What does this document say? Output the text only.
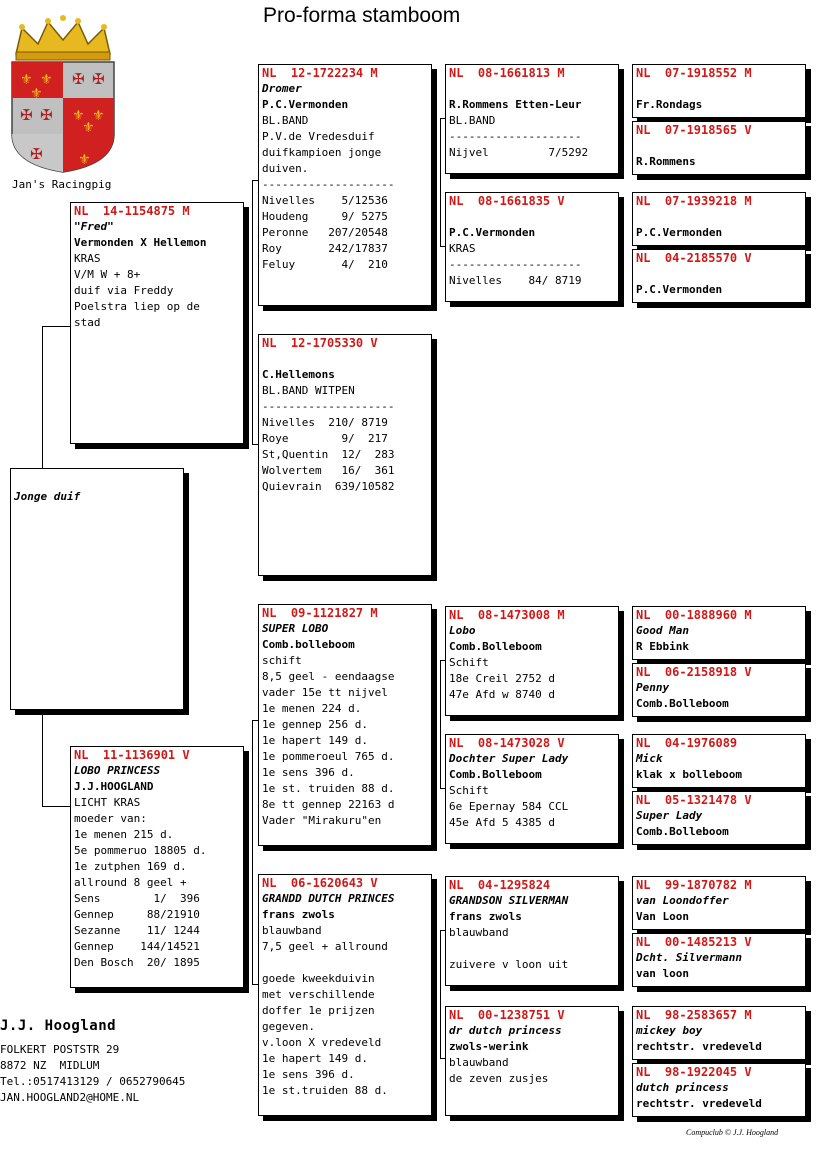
Pro-forma stamboom
⚜ ⚜
⚜
⚜ ⚜
⚜
⚜
✠ ✠
✠ ✠
✠
Jan's Racingpig
Jonge duif
NL  14-1154875 M
"Fred"
Vermonden X Hellemon
KRAS
V/M W + 8+
duif via Freddy
Poelstra liep op de
stad
NL  11-1136901 V
LOBO PRINCESS
J.J.HOOGLAND
LICHT KRAS
moeder van:
1e menen 215 d.
5e pommeruo 18805 d.
1e zutphen 169 d.
allround 8 geel +
Sens        1/  396
Gennep     88/21910
Sezanne    11/ 1244
Gennep    144/14521
Den Bosch  20/ 1895
NL  12-1722234 M
Dromer
P.C.Vermonden
BL.BAND
P.V.de Vredesduif
duifkampioen jonge
duiven.
--------------------
Nivelles    5/12536
Houdeng     9/ 5275
Peronne   207/20548
Roy       242/17837
Feluy       4/  210
NL  12-1705330 V
C.Hellemons
BL.BAND WITPEN
--------------------
Nivelles  210/ 8719
Roye        9/  217
St,Quentin  12/  283
Wolvertem   16/  361
Quievrain  639/10582
NL  09-1121827 M
SUPER LOBO
Comb.bolleboom
schift
8,5 geel - eendaagse
vader 15e tt nijvel
1e menen 224 d.
1e gennep 256 d.
1e hapert 149 d.
1e pommeroeul 765 d.
1e sens 396 d.
1e st. truiden 88 d.
8e tt gennep 22163 d
Vader "Mirakuru"en
NL  06-1620643 V
GRANDD DUTCH PRINCES
frans zwols
blauwband
7,5 geel + allround
goede kweekduivin
met verschillende
doffer 1e prijzen
gegeven.
v.loon X vredeveld
1e hapert 149 d.
1e sens 396 d.
1e st.truiden 88 d.
NL  08-1661813 M
R.Rommens Etten-Leur
BL.BAND
--------------------
Nijvel         7/5292
NL  08-1661835 V
P.C.Vermonden
KRAS
--------------------
Nivelles    84/ 8719
NL  08-1473008 M
Lobo
Comb.Bolleboom
Schift
18e Creil 2752 d
47e Afd w 8740 d
NL  08-1473028 V
Dochter Super Lady
Comb.Bolleboom
Schift
6e Epernay 584 CCL
45e Afd 5 4385 d
NL  04-1295824
GRANDSON SILVERMAN
frans zwols
blauwband
zuivere v loon uit
NL  00-1238751 V
dr dutch princess
zwols-werink
blauwband
de zeven zusjes
NL  07-1918552 M
Fr.Rondags
NL  07-1918565 V
R.Rommens
NL  07-1939218 M
P.C.Vermonden
NL  04-2185570 V
P.C.Vermonden
NL  00-1888960 M
Good Man
R Ebbink
NL  06-2158918 V
Penny
Comb.Bolleboom
NL  04-1976089
Mick
klak x bolleboom
NL  05-1321478 V
Super Lady
Comb.Bolleboom
NL  99-1870782 M
van Loondoffer
Van Loon
NL  00-1485213 V
Dcht. Silvermann
van loon
NL  98-2583657 M
mickey boy
rechtstr. vredeveld
NL  98-1922045 V
dutch princess
rechtstr. vredeveld
J.J. Hoogland
FOLKERT POSTSTR 29
8872 NZ  MIDLUM
Tel.:0517413129 / 0652790645
JAN.HOOGLAND2@HOME.NL
Compuclub © J.J. Hoogland
